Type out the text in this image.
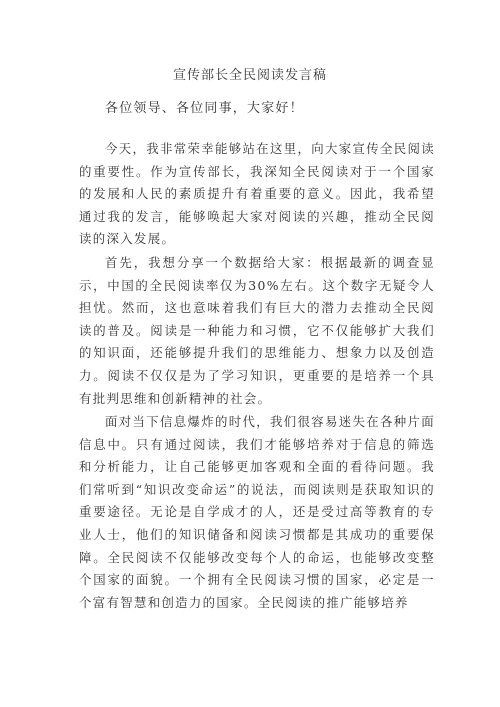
宣传部长全民阅读发言稿
各位领导、各位同事，大家好！

今天，我非常荣幸能够站在这里，向大家宣传全民阅读的重要性。作为宣传部长，我深知全民阅读对于一个国家的发展和人民的素质提升有着重要的意义。因此，我希望通过我的发言，能够唤起大家对阅读的兴趣，推动全民阅读的深入发展。

首先，我想分享一个数据给大家：根据最新的调查显示，中国的全民阅读率仅为30%左右。这个数字无疑令人担忧。然而，这也意味着我们有巨大的潜力去推动全民阅读的普及。阅读是一种能力和习惯，它不仅能够扩大我们的知识面，还能够提升我们的思维能力、想象力以及创造力。阅读不仅仅是为了学习知识，更重要的是培养一个具有批判思维和创新精神的社会。

面对当下信息爆炸的时代，我们很容易迷失在各种片面信息中。只有通过阅读，我们才能够培养对于信息的筛选和分析能力，让自己能够更加客观和全面的看待问题。我们常听到“知识改变命运”的说法，而阅读则是获取知识的重要途径。无论是自学成才的人，还是受过高等教育的专业人士，他们的知识储备和阅读习惯都是其成功的重要保障。全民阅读不仅能够改变每个人的命运，也能够改变整个国家的面貌。一个拥有全民阅读习惯的国家，必定是一个富有智慧和创造力的国家。全民阅读的推广能够培养
